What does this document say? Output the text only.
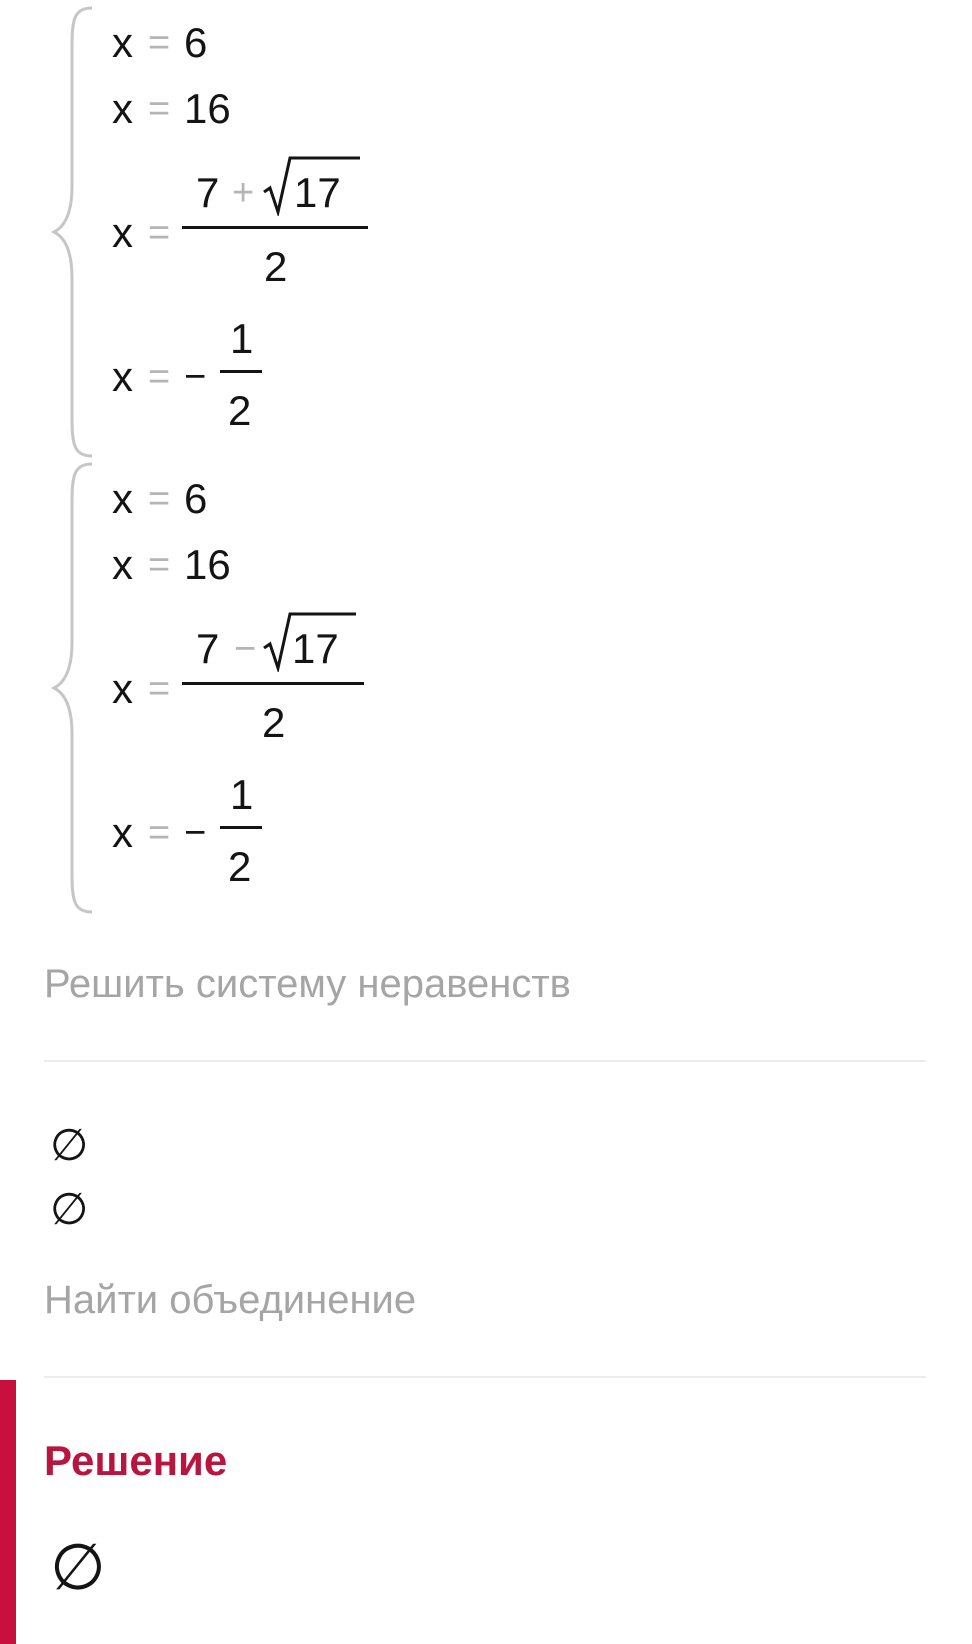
x = 6
x = 16
x =
7 + 17
2
x = −
1
2
x = 6
x = 16
x =
7 − 17
2
x = −
1
2
Решить систему неравенств
∅
∅
Найти объединение
Решение
∅
